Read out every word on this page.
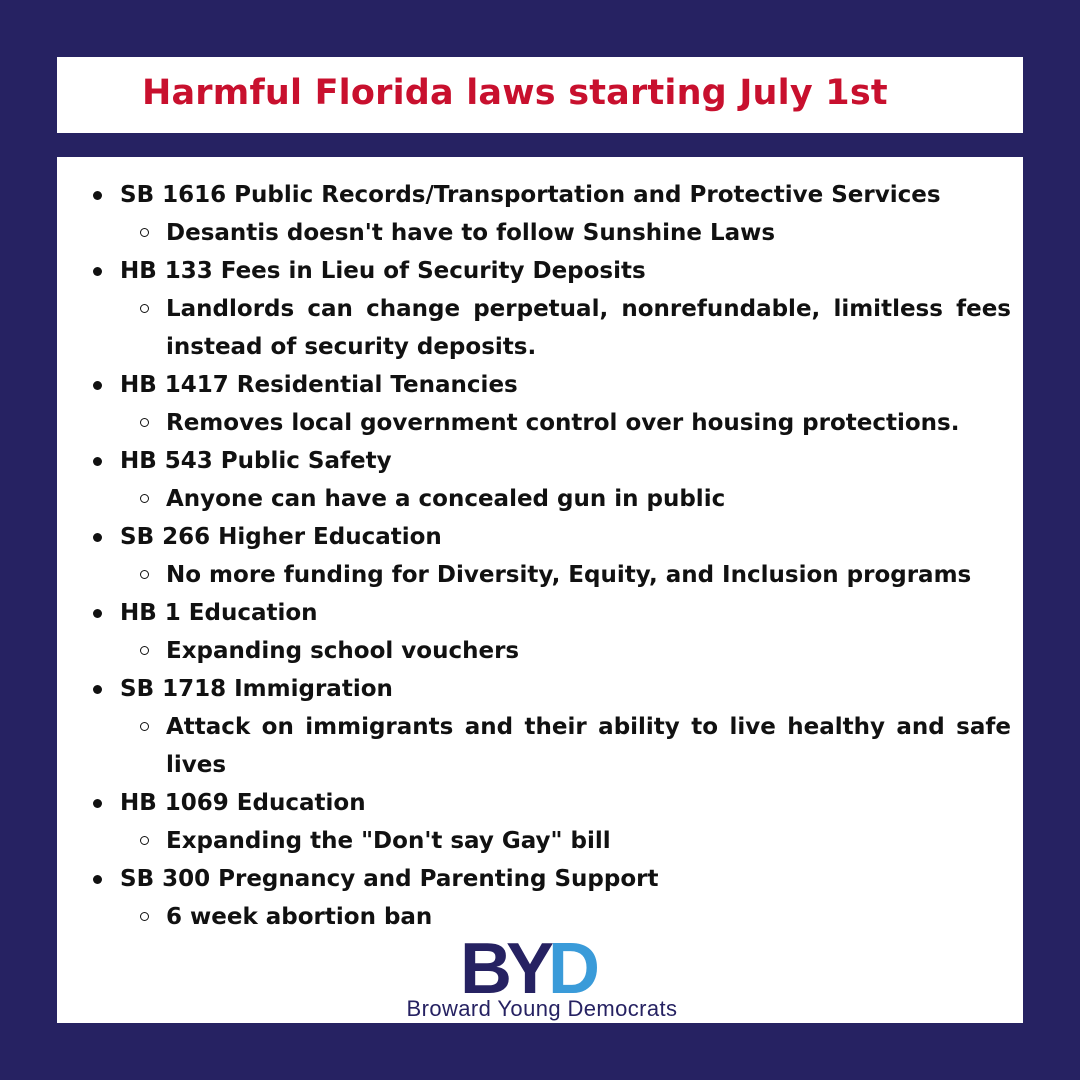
Harmful Florida laws starting July 1st
SB 1616 Public Records/Transportation and Protective Services
Desantis doesn't have to follow Sunshine Laws
HB 133 Fees in Lieu of Security Deposits
Landlords can change perpetual, nonrefundable, limitless fees instead of security deposits.
HB 1417 Residential Tenancies
Removes local government control over housing protections.
HB 543 Public Safety
Anyone can have a concealed gun in public
SB 266 Higher Education
No more funding for Diversity, Equity, and Inclusion programs
HB 1 Education
Expanding school vouchers
SB 1718 Immigration
Attack on immigrants and their ability to live healthy and safe lives
HB 1069 Education
Expanding the "Don't say Gay" bill
SB 300 Pregnancy and Parenting Support
6 week abortion ban
BYD
Broward Young Democrats
